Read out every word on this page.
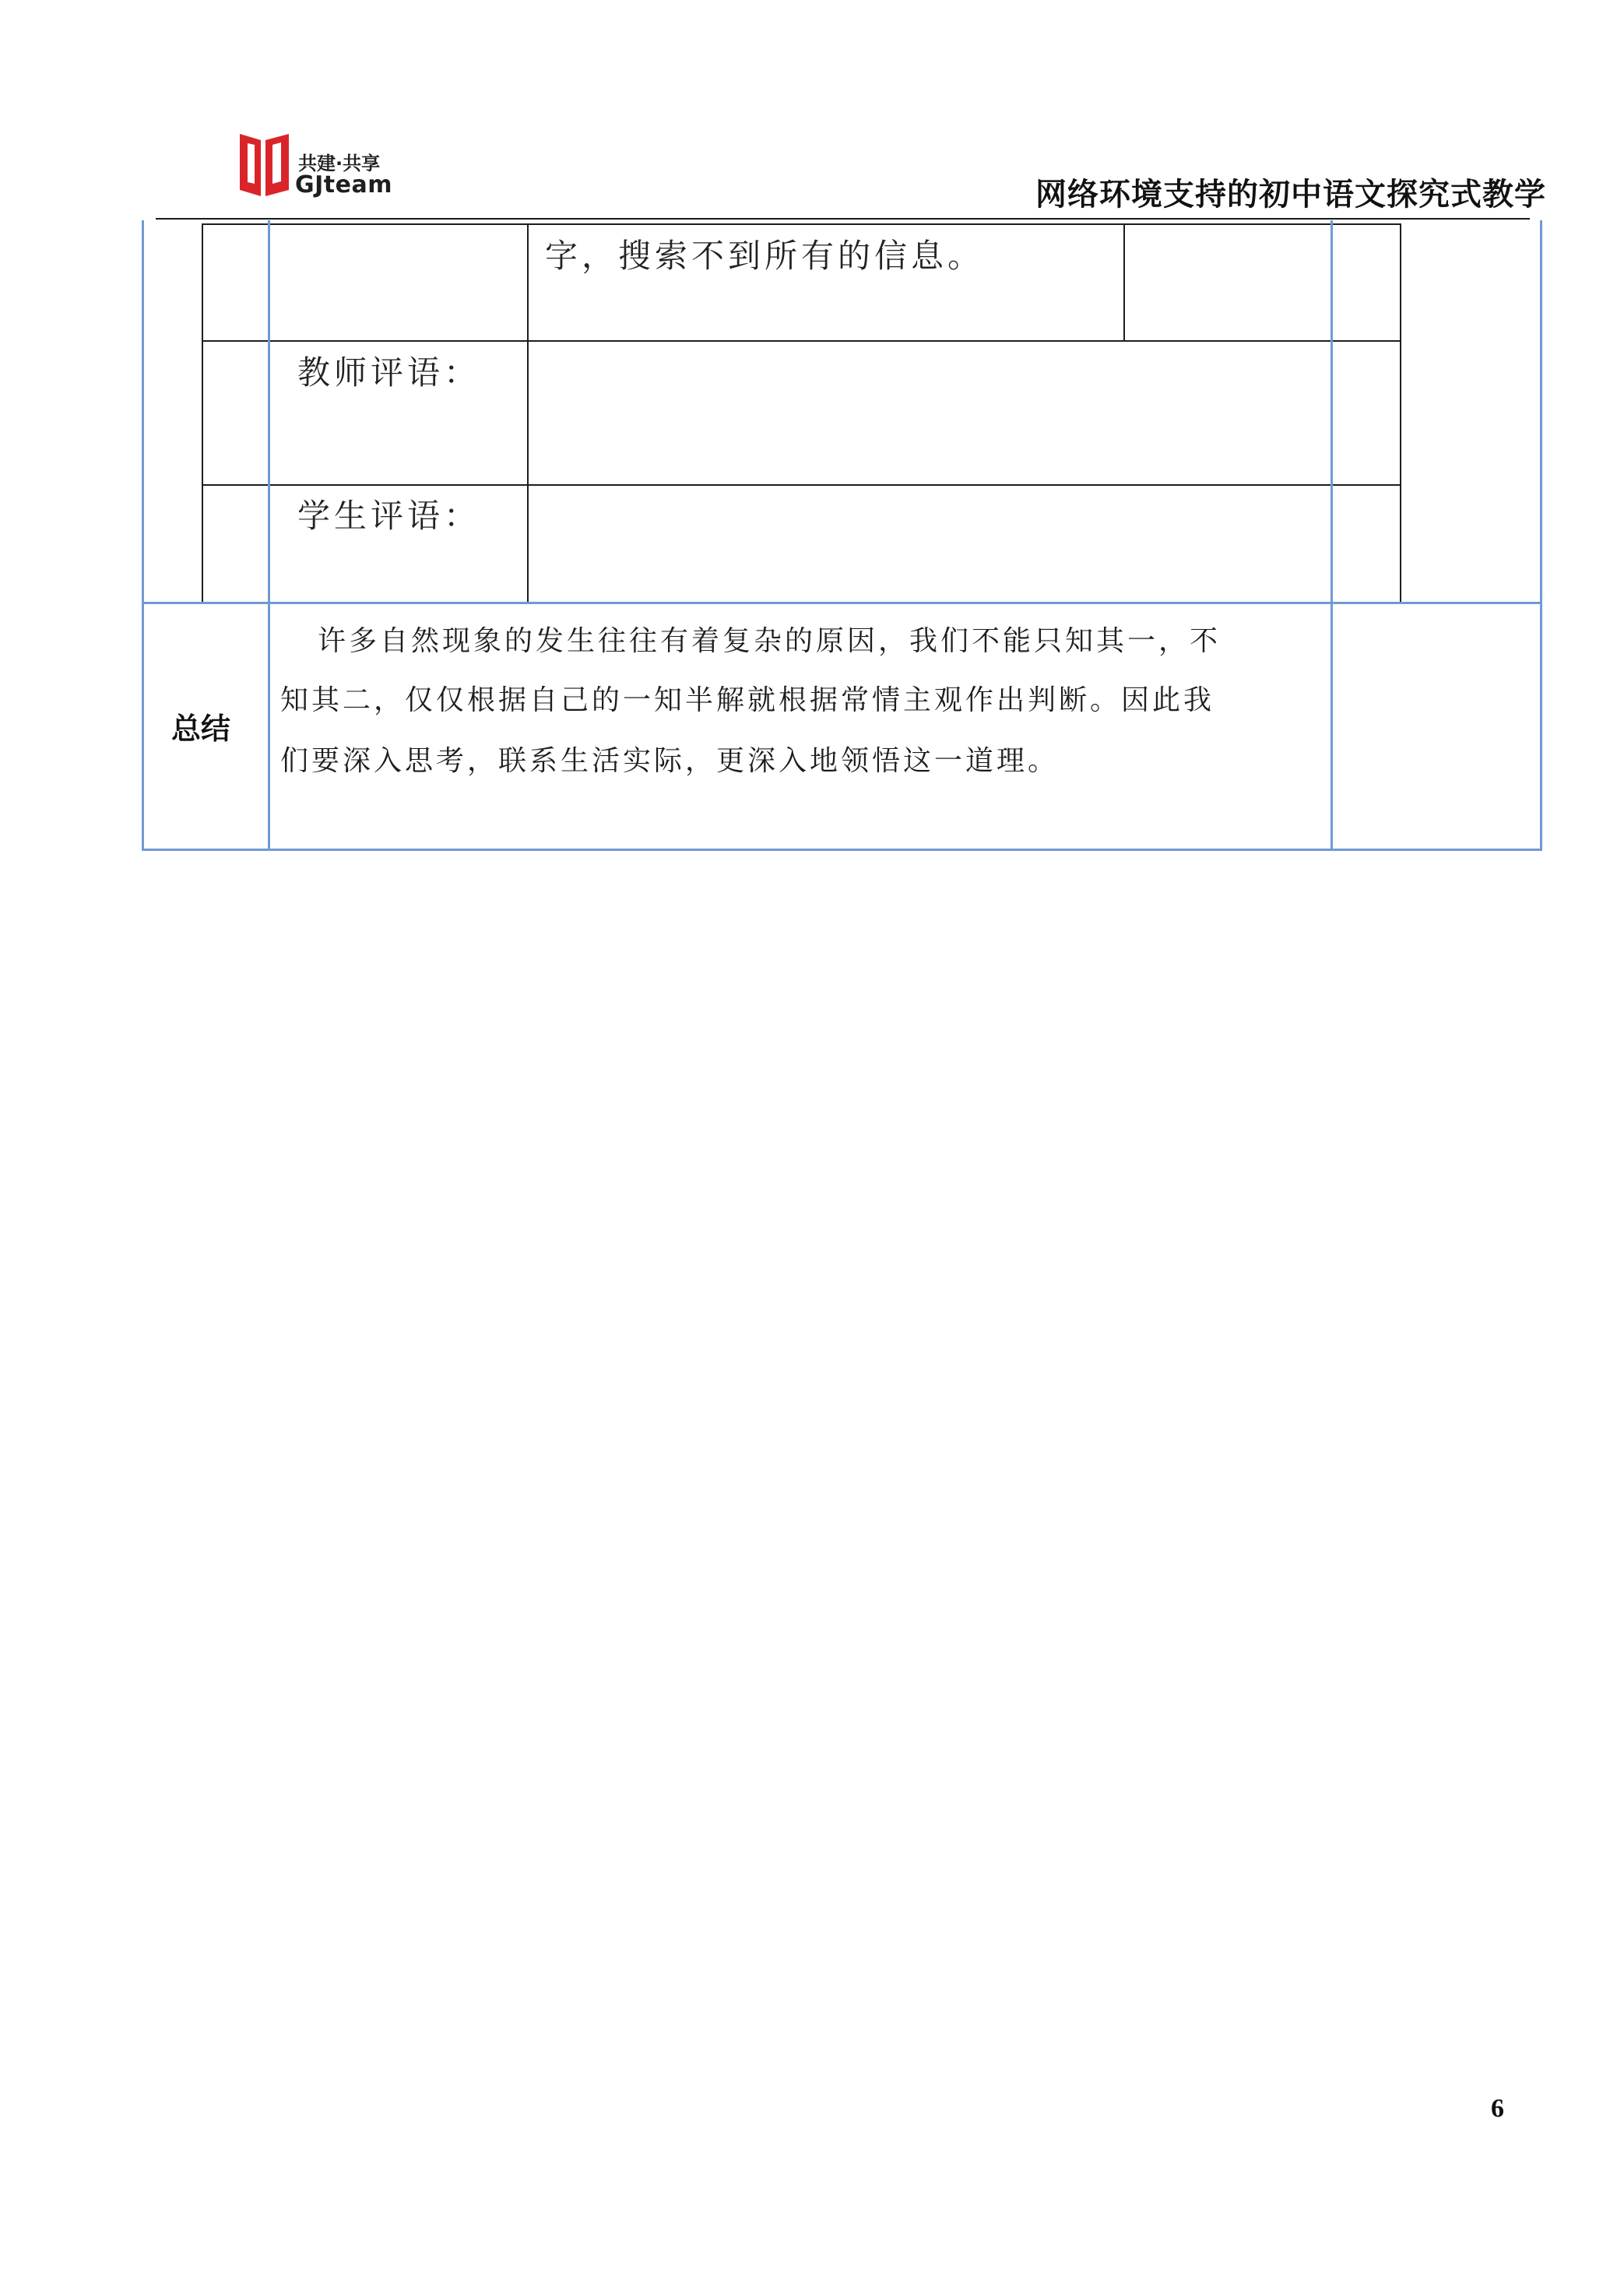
共建·共享
GJteam	网络环境支持的初中语文探究式教学
字，搜索不到所有的信息。
教师评语：
学生评语：
总结
许多自然现象的发生往往有着复杂的原因，我们不能只知其一，不
知其二，仅仅根据自己的一知半解就根据常情主观作出判断。因此我
们要深入思考，联系生活实际，更深入地领悟这一道理。
6
